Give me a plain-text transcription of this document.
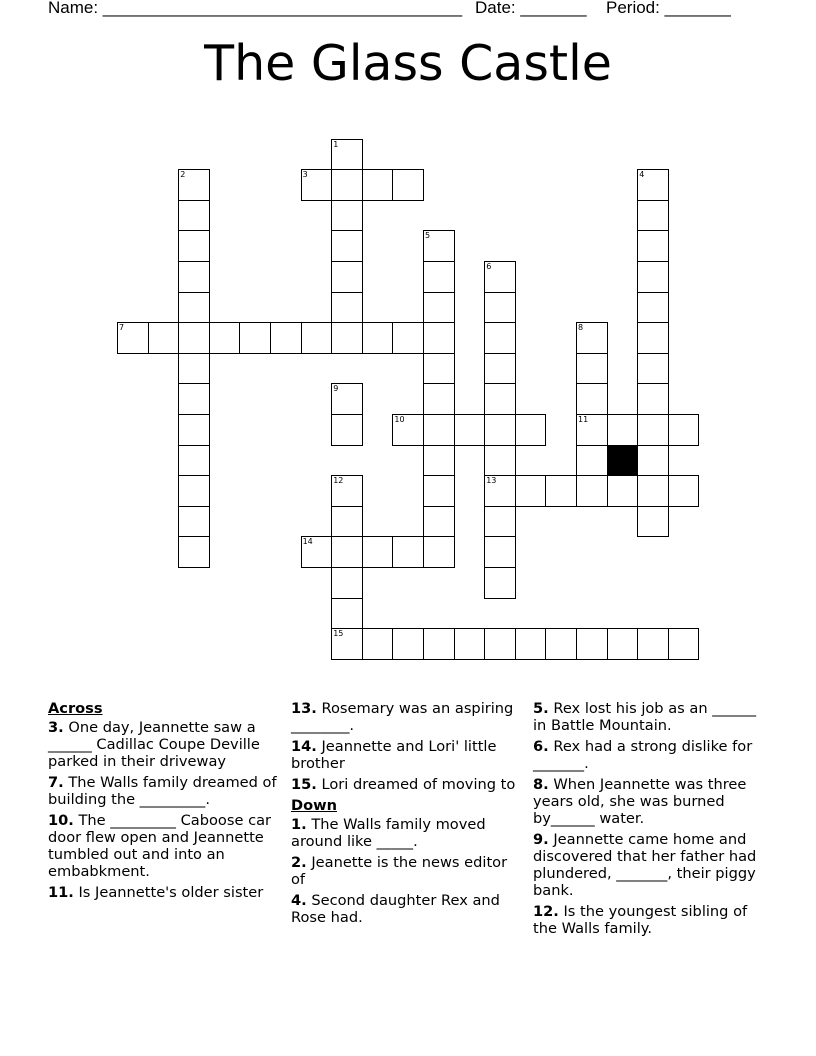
Name: ______________________________________ Date: _______ Period: _______
The Glass Castle
7
3
1
2	4
5
6
13
8
11
9
10
12
15
14
Across
3. One day, Jeannette saw a ______ Cadillac Coupe Deville parked in their driveway
7. The Walls family dreamed of building the _________.
10. The _________ Caboose car door flew open and Jeannette tumbled out and into an embabkment.
11. Is Jeannette's older sister
13. Rosemary was an aspiring ________.
14. Jeannette and Lori' little brother
15. Lori dreamed of moving to
Down
1. The Walls family moved around like _____.
2. Jeanette is the news editor of
4. Second daughter Rex and Rose had.
5. Rex lost his job as an ______ in Battle Mountain.
6. Rex had a strong dislike for _______.
8. When Jeannette was three years old, she was burned by______ water.
9. Jeannette came home and discovered that her father had plundered, _______, their piggy bank.
12. Is the youngest sibling of the Walls family.
